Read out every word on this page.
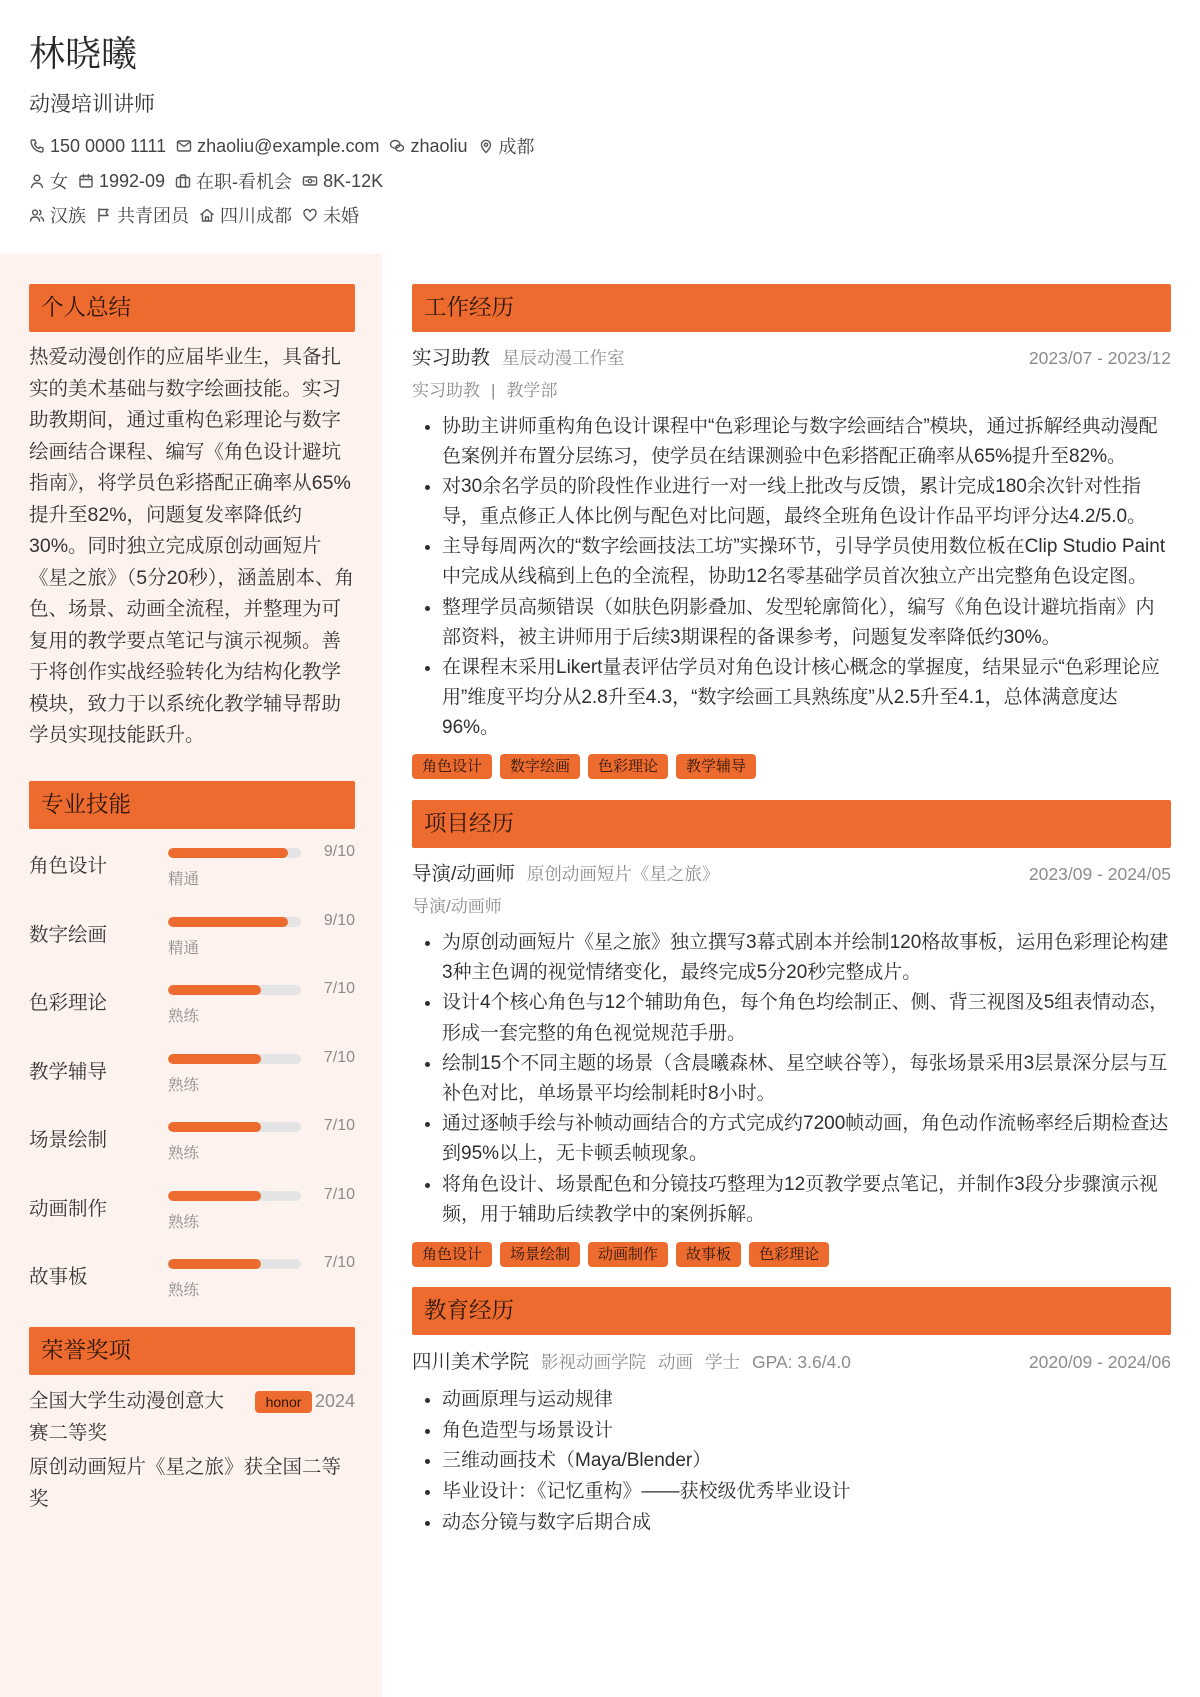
林晓曦
动漫培训讲师
150 0000 1111 zhaoliu@example.com zhaoliu 成都
女 1992-09 在职-看机会 8K-12K
汉族 共青团员 四川成都 未婚
个人总结

热爱动漫创作的应届毕业生，具备扎实的美术基础与数字绘画技能。实习助教期间，通过重构色彩理论与数字绘画结合课程、编写《角色设计避坑指南》，将学员色彩搭配正确率从65%提升至82%，问题复发率降低约30%。同时独立完成原创动画短片《星之旅》（5分20秒），涵盖剧本、角色、场景、动画全流程，并整理为可复用的教学要点笔记与演示视频。善于将创作实战经验转化为结构化教学模块，致力于以系统化教学辅导帮助学员实现技能跃升。

专业技能
角色设计
9/10
精通
数字绘画
9/10
精通
色彩理论
7/10
熟练
教学辅导
7/10
熟练
场景绘制
7/10
熟练
动画制作
7/10
熟练
故事板
7/10
熟练
荣誉奖项
全国大学生动漫创意大赛二等奖
honor 2024
原创动画短片《星之旅》获全国二等奖
工作经历
实习助教 星辰动漫工作室	2023/07 - 2023/12
实习助教 | 教学部
• 协助主讲师重构角色设计课程中“色彩理论与数字绘画结合”模块，通过拆解经典动漫配色案例并布置分层练习，使学员在结课测验中色彩搭配正确率从65%提升至82%。
• 对30余名学员的阶段性作业进行一对一线上批改与反馈，累计完成180余次针对性指导，重点修正人体比例与配色对比问题，最终全班角色设计作品平均评分达4.2/5.0。
• 主导每周两次的“数字绘画技法工坊”实操环节，引导学员使用数位板在Clip Studio Paint中完成从线稿到上色的全流程，协助12名零基础学员首次独立产出完整角色设定图。
• 整理学员高频错误（如肤色阴影叠加、发型轮廓简化），编写《角色设计避坑指南》内部资料，被主讲师用于后续3期课程的备课参考，问题复发率降低约30%。
• 在课程末采用Likert量表评估学员对角色设计核心概念的掌握度，结果显示“色彩理论应用”维度平均分从2.8升至4.3，“数字绘画工具熟练度”从2.5升至4.1，总体满意度达96%。
角色设计	数字绘画	色彩理论	教学辅导
项目经历
导演/动画师 原创动画短片《星之旅》	2023/09 - 2024/05
导演/动画师
• 为原创动画短片《星之旅》独立撰写3幕式剧本并绘制120格故事板，运用色彩理论构建3种主色调的视觉情绪变化，最终完成5分20秒完整成片。
• 设计4个核心角色与12个辅助角色，每个角色均绘制正、侧、背三视图及5组表情动态，形成一套完整的角色视觉规范手册。
• 绘制15个不同主题的场景（含晨曦森林、星空峡谷等），每张场景采用3层景深分层与互补色对比，单场景平均绘制耗时8小时。
• 通过逐帧手绘与补帧动画结合的方式完成约7200帧动画，角色动作流畅率经后期检查达到95%以上，无卡顿丢帧现象。
• 将角色设计、场景配色和分镜技巧整理为12页教学要点笔记，并制作3段分步骤演示视频，用于辅助后续教学中的案例拆解。
角色设计	场景绘制	动画制作	故事板	色彩理论
教育经历
四川美术学院 影视动画学院 动画 学士 GPA: 3.6/4.0	2020/09 - 2024/06
• 动画原理与运动规律
• 角色造型与场景设计
• 三维动画技术（Maya/Blender）
• 毕业设计：《记忆重构》——获校级优秀毕业设计
• 动态分镜与数字后期合成
